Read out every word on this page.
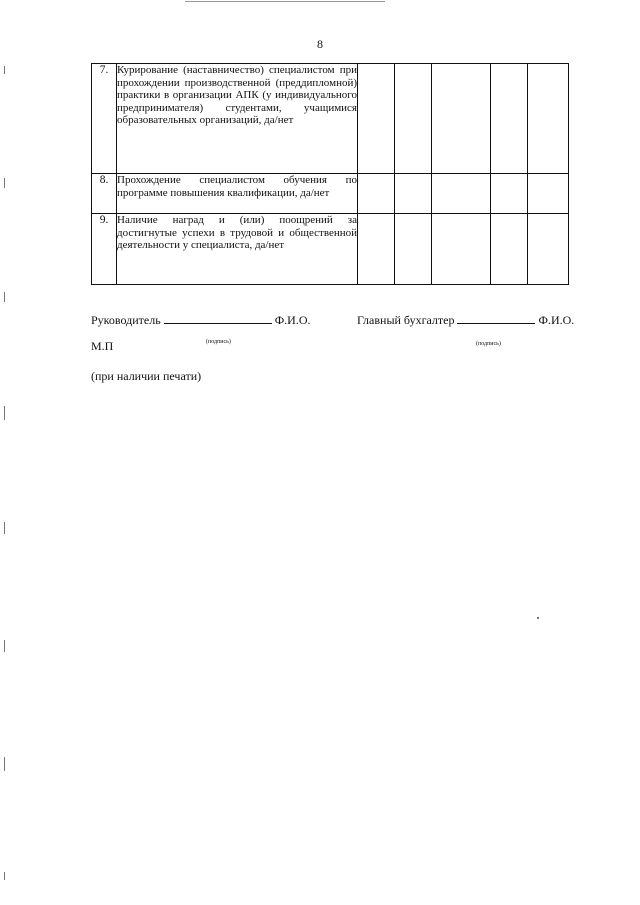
8
7.	Курирование (наставничество) специалистом при прохождении производственной (преддипломной) практики в организации АПК (у индивидуального предпринимателя) студентами, учащимися образовательных организаций, да/нет					
8.	Прохождение специалистом обучения по программе повышения квалификации, да/нет					
9.	Наличие наград и (или) поощрений за достигнутые успехи в трудовой и общественной деятельности у специалиста, да/нет					
Руководитель	Ф.И.О.	Главный бухгалтер	Ф.И.О.
(подпись)	(подпись)
М.П
(при наличии печати)
